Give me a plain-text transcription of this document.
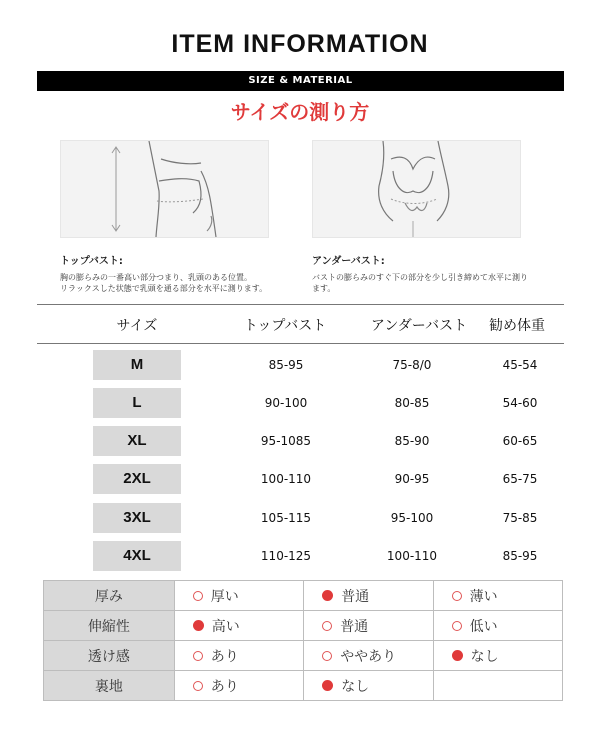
ITEM INFORMATION
SIZE & MATERIAL
サイズの測り方
トップバスト:
胸の膨らみの一番高い部分つまり、乳頭のある位置。
リラックスした状態で乳頭を通る部分を水平に測ります。
アンダーバスト:
バストの膨らみのすぐ下の部分を少し引き締めて水平に測り
ます。
サイズ	トップバスト	アンダーバスト	勧め体重
M	85-95	75-8/0	45-54
L	90-100	80-85	54-60
XL	95-1085	85-90	60-65
2XL	100-110	90-95	65-75
3XL	105-115	95-100	75-85
4XL	110-125	100-110	85-95
厚み	厚い	普通	薄い
伸縮性	高い	普通	低い
透け感	あり	ややあり	なし
裏地	あり	なし	
